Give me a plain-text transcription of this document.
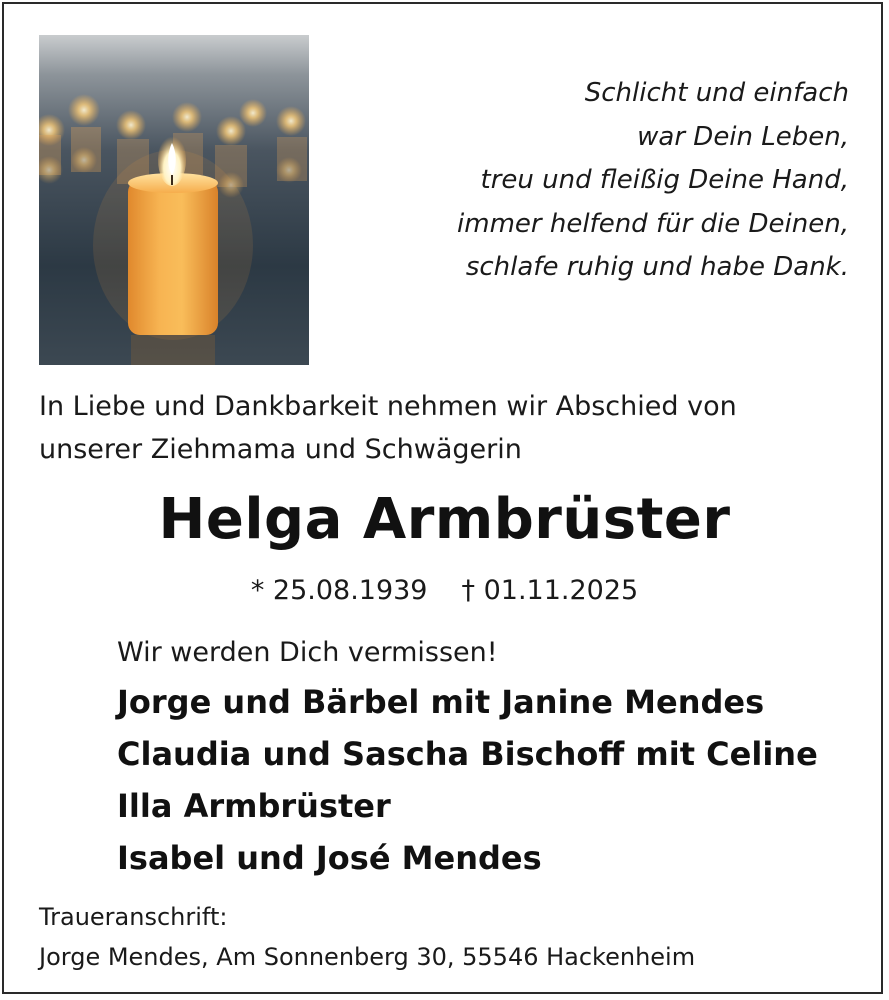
Schlicht und einfach
war Dein Leben,
treu und fleißig Deine Hand,
immer helfend für die Deinen,
schlafe ruhig und habe Dank.
In Liebe und Dankbarkeit nehmen wir Abschied von
unserer Ziehmama und Schwägerin
Helga Armbrüster
* 25.08.1939 † 01.11.2025
Wir werden Dich vermissen!
Jorge und Bärbel mit Janine Mendes
Claudia und Sascha Bischoff mit Celine
Illa Armbrüster
Isabel und José Mendes
Traueranschrift:
Jorge Mendes, Am Sonnenberg 30, 55546 Hackenheim
